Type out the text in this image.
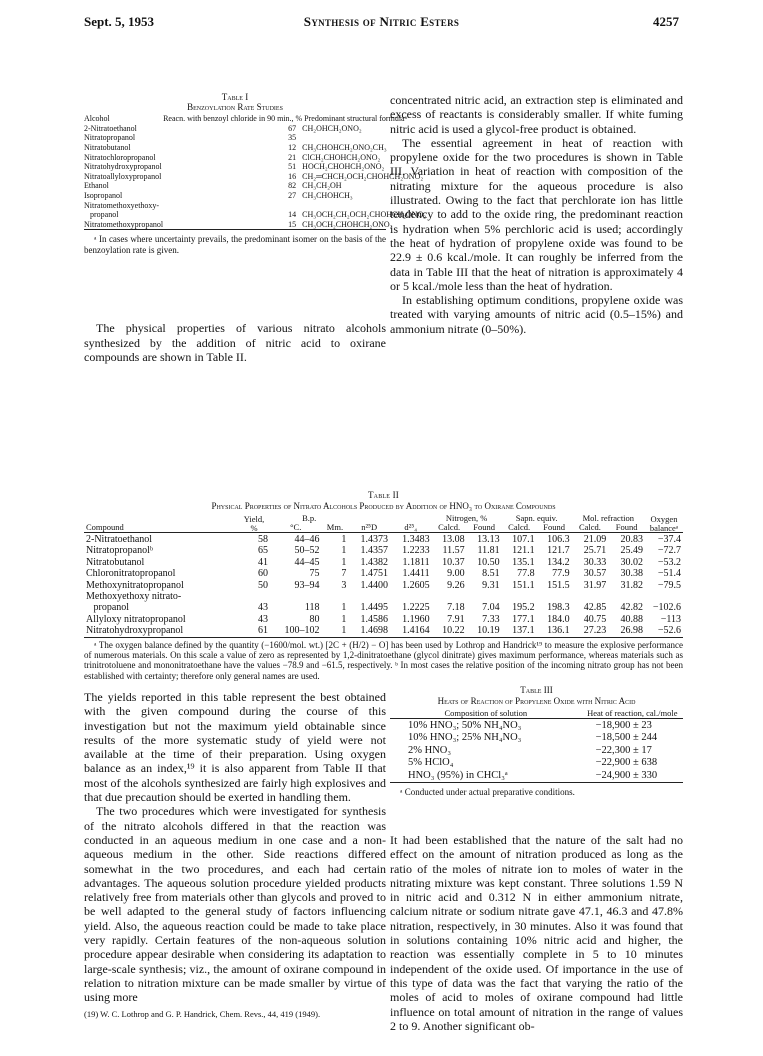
Sept. 5, 1953	Synthesis of Nitric Esters	4257
Table I
Benzoylation Rate Studies
Alcohol	Reacn. with benzoyl chloride in 90 min., %	Predominant structural formulaᵃ
2-Nitratoethanol	67	CH₂OHCH₂ONO₂
Nitratopropanol	35	
Nitratobutanol	12	CH₃CHOHCH₂ONO₂CH₃
Nitratochloropropanol	21	ClCH₂CHOHCH₂ONO₂
Nitratohydroxypropanol	51	HOCH₂CHOHCH₂ONO₂
Nitratoallyloxypropanol	16	CH₂═CHCH₂OCH₂CHOHCH₂ONO₂
Ethanol	82	CH₃CH₂OH
Isopropanol	27	CH₃CHOHCH₃
Nitratomethoxyethoxy-		
propanol	14	CH₃OCH₂CH₂OCH₂CHOHCH₂ONO₂
Nitratomethoxypropanol	15	CH₃OCH₂CHOHCH₂ONO₂
ᵃ In cases where uncertainty prevails, the predominant isomer on the basis of the benzoylation rate is given.

The physical properties of various nitrato alcohols synthesized by the addition of nitric acid to oxirane compounds are shown in Table II.

concentrated nitric acid, an extraction step is eliminated and excess of reactants is considerably smaller. If white fuming nitric acid is used a glycol-free product is obtained.

The essential agreement in heat of reaction with propylene oxide for the two procedures is shown in Table III. Variation in heat of reaction with composition of the nitrating mixture for the aqueous procedure is also illustrated. Owing to the fact that perchlorate ion has little tendency to add to the oxide ring, the predominant reaction is hydration when 5% perchloric acid is used; accordingly the heat of hydration of propylene oxide was found to be 22.9 ± 0.6 kcal./mole. It can roughly be inferred from the data in Table III that the heat of nitration is approximately 4 or 5 kcal./mole less than the heat of hydration.

In establishing optimum conditions, propylene oxide was treated with varying amounts of nitric acid (0.5–15%) and ammonium nitrate (0–50%).

Table II
Physical Properties of Nitrato Alcohols Produced by Addition of HNO₃ to Oxirane Compounds
Compound	Yield, %	B.p.		n²⁵D	d²⁵₄	Nitrogen, %		Sapn. equiv.		Mol. refraction		Oxygen balanceᵃ
		°C.	Mm.			Calcd.	Found	Calcd.	Found	Calcd.	Found	

2-Nitratoethanol	58	44–46	1	1.4373	1.3483	13.08	13.13	107.1	106.3	21.09	20.83	−37.4
Nitratopropanolᵇ	65	50–52	1	1.4357	1.2233	11.57	11.81	121.1	121.7	25.71	25.49	−72.7
Nitratobutanol	41	44–45	1	1.4382	1.1811	10.37	10.50	135.1	134.2	30.33	30.02	−53.2
Chloronitratopropanol	60	75	7	1.4751	1.4411	9.00	8.51	77.8	77.9	30.57	30.38	−51.4
Methoxynitratopropanol	50	93–94	3	1.4400	1.2605	9.26	9.31	151.1	151.5	31.97	31.82	−79.5
Methoxyethoxy nitrato-												
propanol	43	118	1	1.4495	1.2225	7.18	7.04	195.2	198.3	42.85	42.82	−102.6
Allyloxy nitratopropanol	43	80	1	1.4586	1.1960	7.91	7.33	177.1	184.0	40.75	40.88	−113
Nitratohydroxypropanol	61	100–102	1	1.4698	1.4164	10.22	10.19	137.1	136.1	27.23	26.98	−52.6

ᵃ The oxygen balance defined by the quantity (−1600/mol. wt.) [2C + (H/2) − O] has been used by Lothrop and Handrick¹⁹ to measure the explosive performance of numerous materials. On this scale a value of zero as represented by 1,2-dinitratoethane (glycol dinitrate) gives maximum performance, whereas materials such as trinitrotoluene and mononitratoethane have the values −78.9 and −61.5, respectively. ᵇ In most cases the relative position of the incoming nitrato group has not been established with certainty; therefore only general names are used.

The yields reported in this table represent the best obtained with the given compound during the course of this investigation but not the maximum yield obtainable since results of the more systematic study of yield were not available at the time of their preparation. Using oxygen balance as an index,¹⁹ it is also apparent from Table II that most of the alcohols synthesized are fairly high explosives and that due precaution should be exerted in handling them.

The two procedures which were investigated for synthesis of the nitrato alcohols differed in that the reaction was conducted in an aqueous medium in one case and a non-aqueous medium in the other. Side reactions differed somewhat in the two procedures, and each had certain advantages. The aqueous solution procedure yielded products relatively free from materials other than glycols and proved to be well adapted to the general study of factors influencing yield. Also, the aqueous reaction could be made to take place very rapidly. Certain features of the non-aqueous solution procedure appear desirable when considering its adaptation to large-scale synthesis; viz., the amount of oxirane compound in relation to nitration mixture can be made smaller by virtue of using more

(19) W. C. Lothrop and G. P. Handrick, Chem. Revs., 44, 419 (1949).
Table III
Heats of Reaction of Propylene Oxide with Nitric Acid
Composition of solution	Heat of reaction, cal./mole

10% HNO₃; 50% NH₄NO₃	−18,900 ± 23
10% HNO₃; 25% NH₄NO₃	−18,500 ± 244
2% HNO₃	−22,300 ± 17
5% HClO₄	−22,900 ± 638
HNO₃ (95%) in CHCl₃ᵃ	−24,900 ± 330

ᵃ Conducted under actual preparative conditions.

It had been established that the nature of the salt had no effect on the amount of nitration produced as long as the ratio of the moles of nitrate ion to moles of water in the nitrating mixture was kept constant. Three solutions 1.59 N in nitric acid and 0.312 N in either ammonium nitrate, calcium nitrate or sodium nitrate gave 47.1, 46.3 and 47.8% nitration, respectively, in 30 minutes. Also it was found that in solutions containing 10% nitric acid and higher, the reaction was essentially complete in 5 to 10 minutes independent of the oxide used. Of importance in the use of this type of data was the fact that varying the ratio of the moles of acid to moles of oxirane compound had little influence on total amount of nitration in the range of values 2 to 9. Another significant ob-
